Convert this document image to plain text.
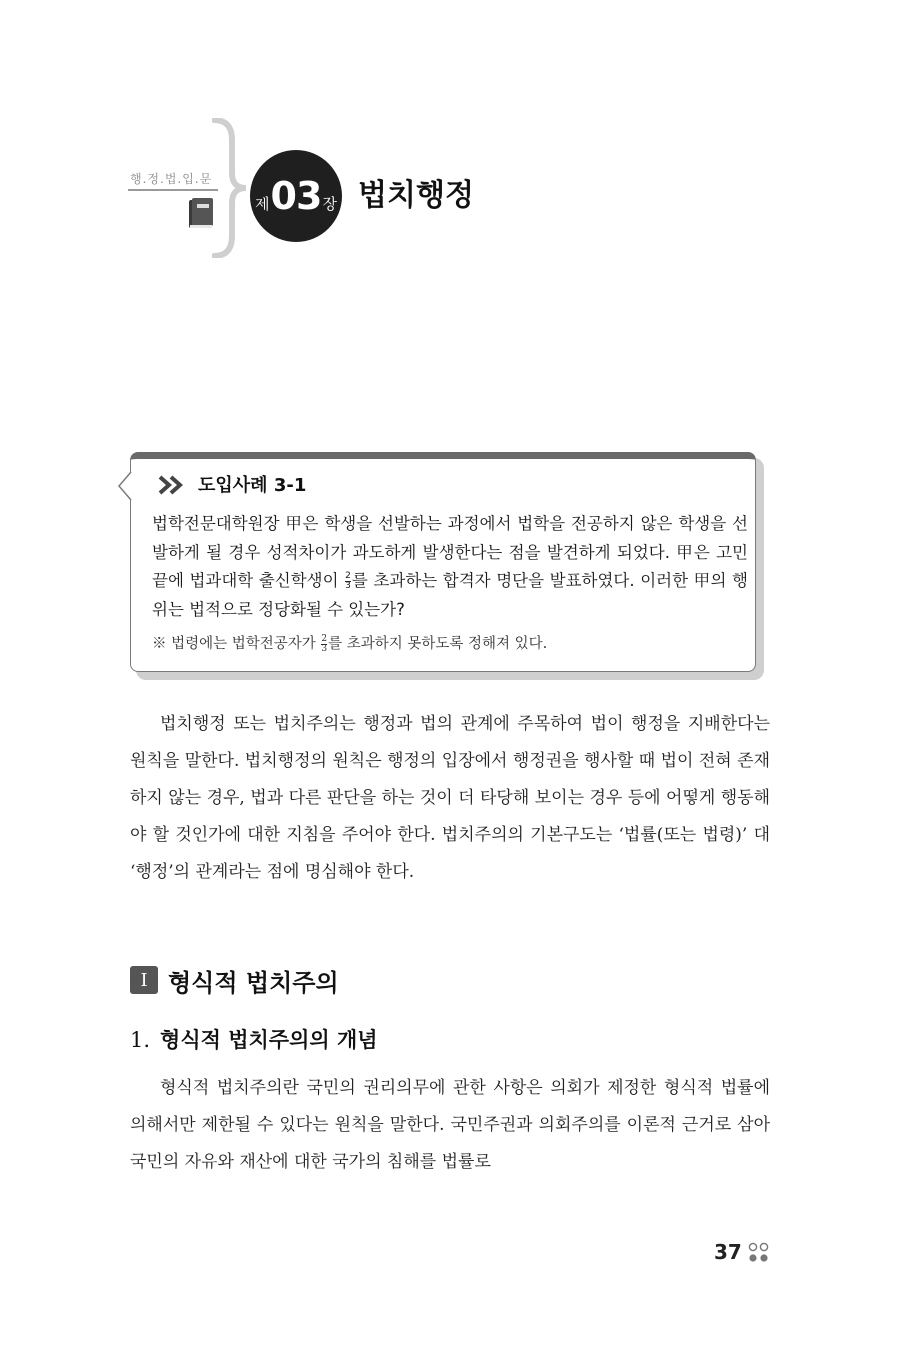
행.정.법.입.문
제 03 장 법치행정
도입사례 3-1
법학전문대학원장 甲은 학생을 선발하는 과정에서 법학을 전공하지 않은 학생을 선발하게 될 경우 성적차이가 과도하게 발생한다는 점을 발견하게 되었다. 甲은 고민 끝에 법과대학 출신학생이 $\frac{2}{3}$ 를 초과하는 합격자 명단을 발표하였다. 이러한 甲의 행위는 법적으로 정당화될 수 있는가?
※ 법령에는 법학전공자가 $\frac{2}{3}$ 를 초과하지 못하도록 정해져 있다.
법치행정 또는 법치주의는 행정과 법의 관계에 주목하여 법이 행정을 지배한다는 원칙을 말한다. 법치행정의 원칙은 행정의 입장에서 행정권을 행사할 때 법이 전혀 존재하지 않는 경우, 법과 다른 판단을 하는 것이 더 타당해 보이는 경우 등에 어떻게 행동해야 할 것인가에 대한 지침을 주어야 한다. 법치주의의 기본구도는 ‘법률(또는 법령)’ 대 ‘행정’의 관계라는 점에 명심해야 한다.
I 형식적 법치주의
1. 형식적 법치주의의 개념
형식적 법치주의란 국민의 권리의무에 관한 사항은 의회가 제정한 형식적 법률에 의해서만 제한될 수 있다는 원칙을 말한다. 국민주권과 의회주의를 이론적 근거로 삼아 국민의 자유와 재산에 대한 국가의 침해를 법률로
37
